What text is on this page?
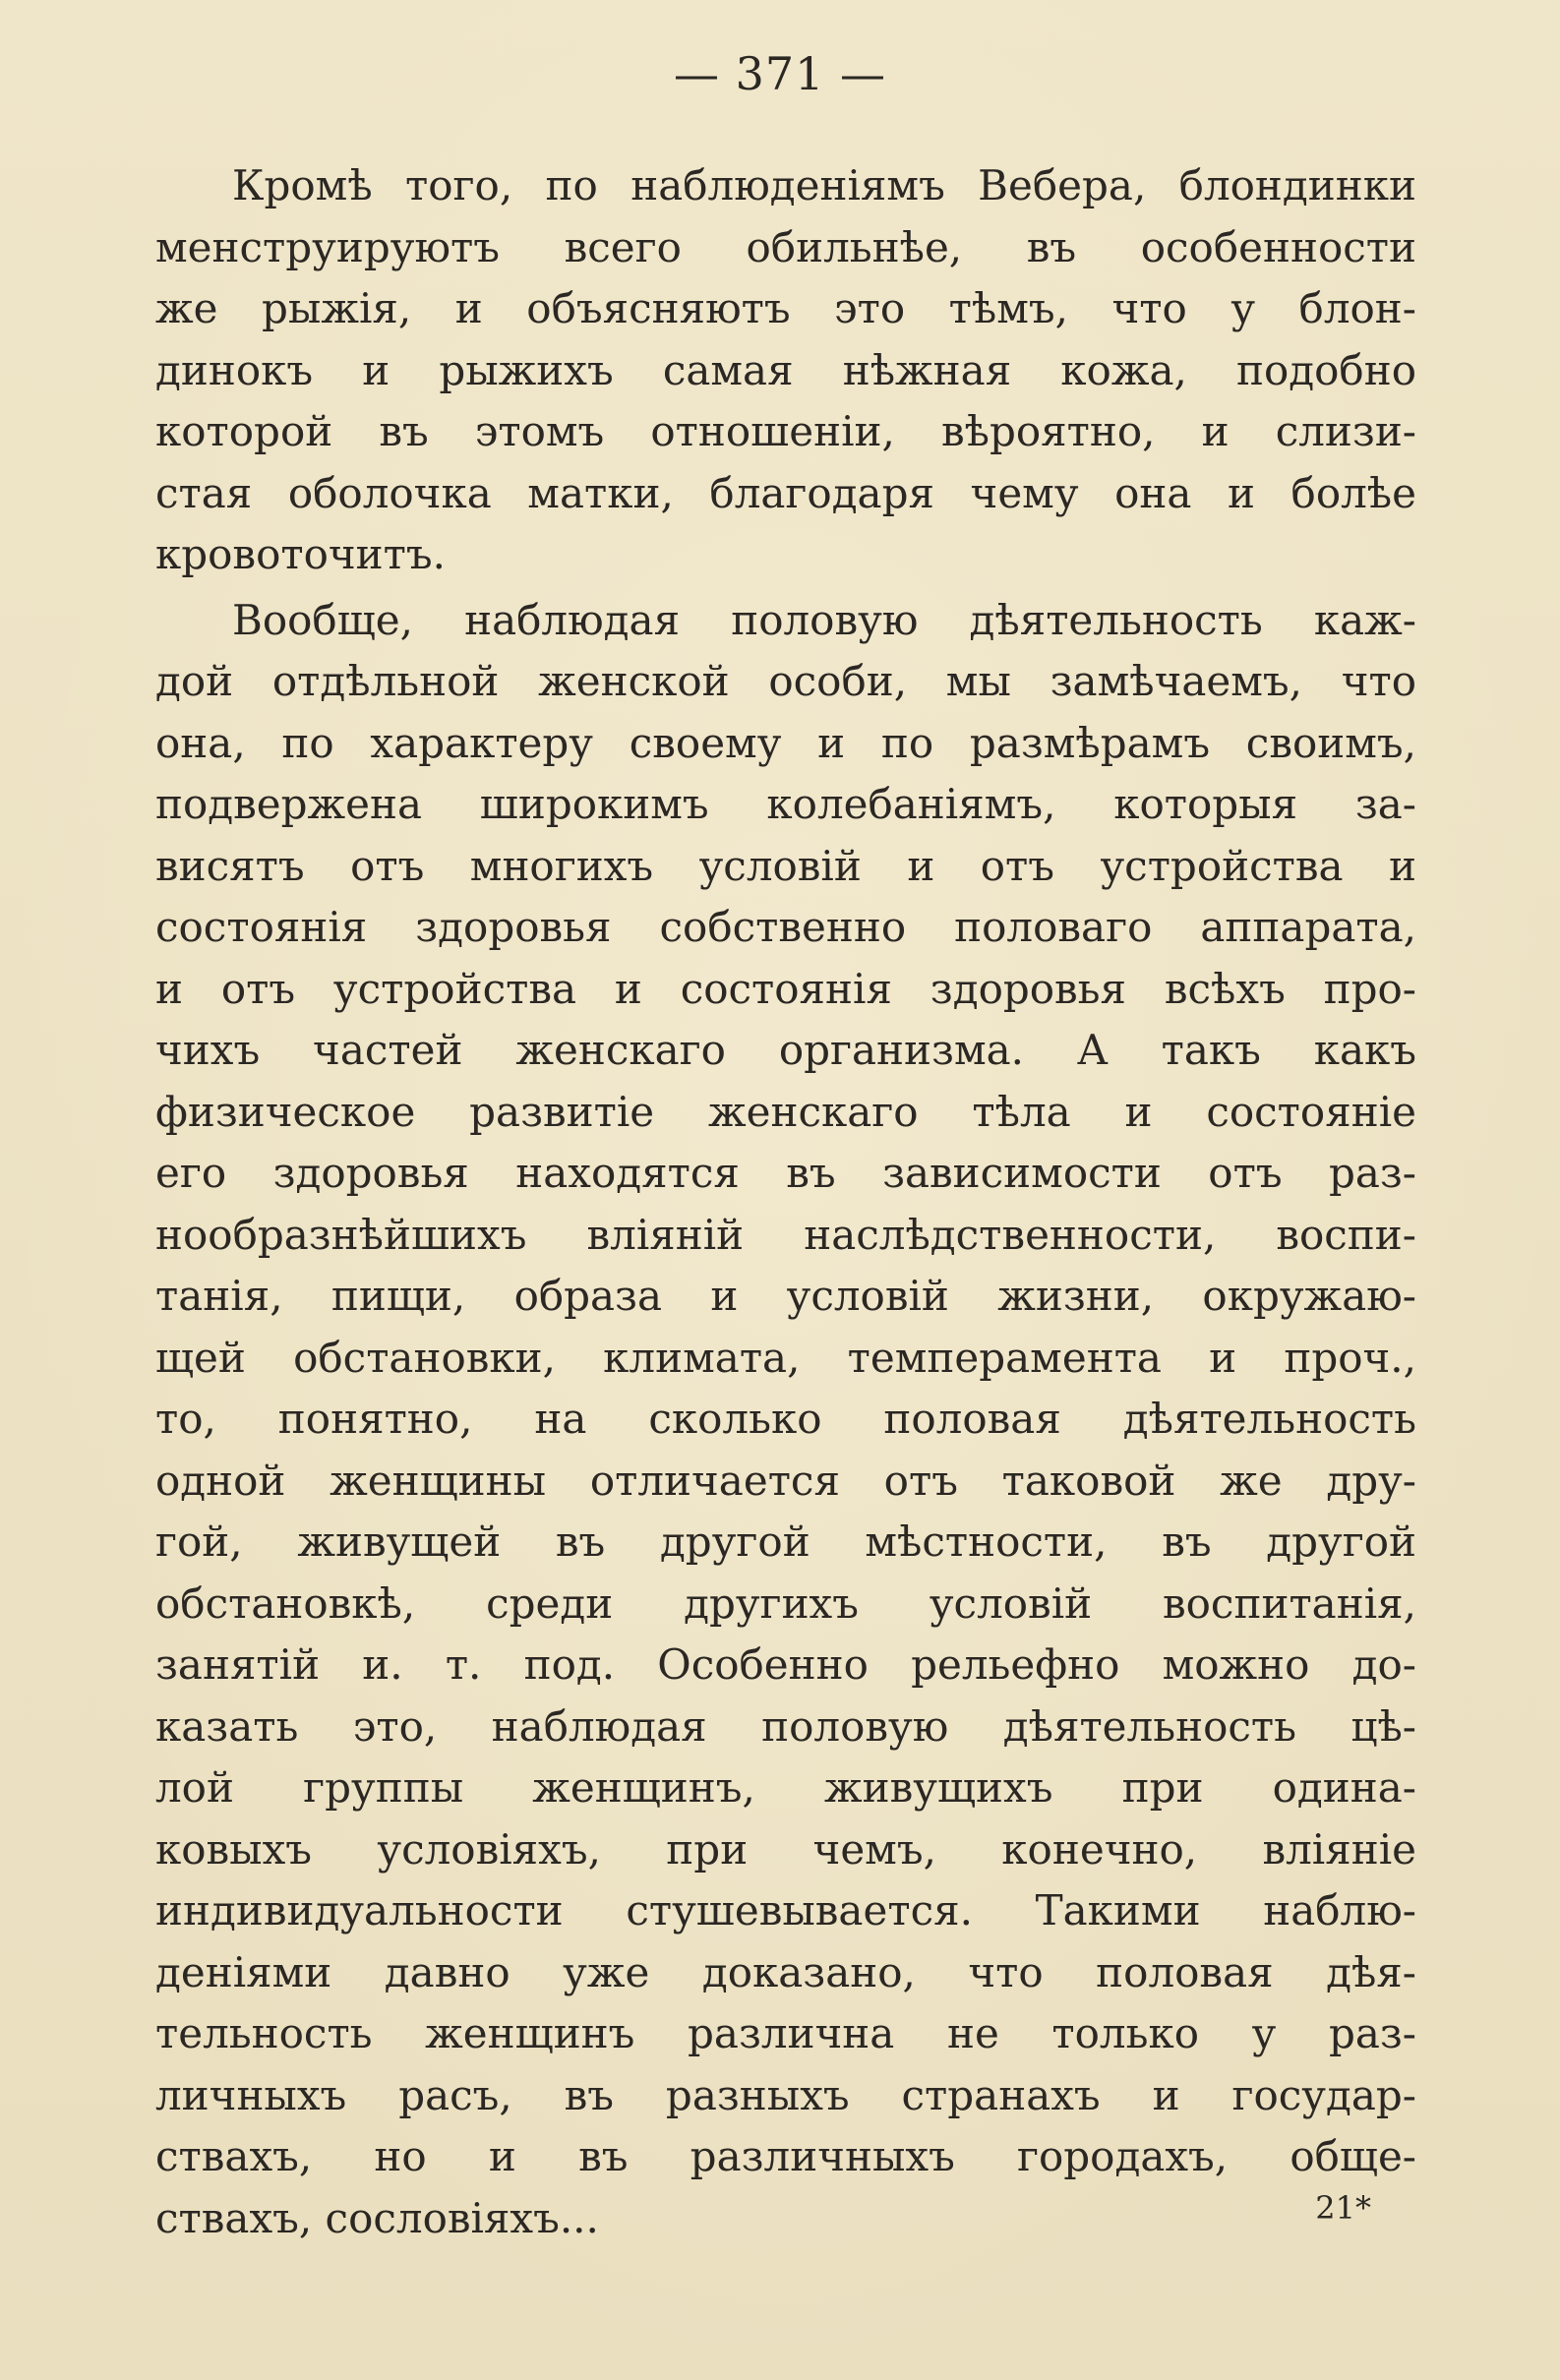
— 371 —
Кромѣ того, по наблюденіямъ Вебера, блондинки
менструируютъ всего обильнѣе, въ особенности
же рыжія, и объясняютъ это тѣмъ, что у блон-
динокъ и рыжихъ самая нѣжная кожа, подобно
которой въ этомъ отношеніи, вѣроятно, и слизи-
стая оболочка матки, благодаря чему она и болѣе
кровоточитъ.
Вообще, наблюдая половую дѣятельность каж-
дой отдѣльной женской особи, мы замѣчаемъ, что
она, по характеру своему и по размѣрамъ своимъ,
подвержена широкимъ колебаніямъ, которыя за-
висятъ отъ многихъ условій и отъ устройства и
состоянія здоровья собственно половаго аппарата,
и отъ устройства и состоянія здоровья всѣхъ про-
чихъ частей женскаго организма. А такъ какъ
физическое развитіе женскаго тѣла и состояніе
его здоровья находятся въ зависимости отъ раз-
нообразнѣйшихъ вліяній наслѣдственности, воспи-
танія, пищи, образа и условій жизни, окружаю-
щей обстановки, климата, темперамента и проч.,
то, понятно, на сколько половая дѣятельность
одной женщины отличается отъ таковой же дру-
гой, живущей въ другой мѣстности, въ другой
обстановкѣ, среди другихъ условій воспитанія,
занятій и. т. под. Особенно рельефно можно до-
казать это, наблюдая половую дѣятельность цѣ-
лой группы женщинъ, живущихъ при одина-
ковыхъ условіяхъ, при чемъ, конечно, вліяніе
индивидуальности стушевывается. Такими наблю-
деніями давно уже доказано, что половая дѣя-
тельность женщинъ различна не только у раз-
личныхъ расъ, въ разныхъ странахъ и государ-
ствахъ, но и въ различныхъ городахъ, обще-
ствахъ, сословіяхъ...	21*
